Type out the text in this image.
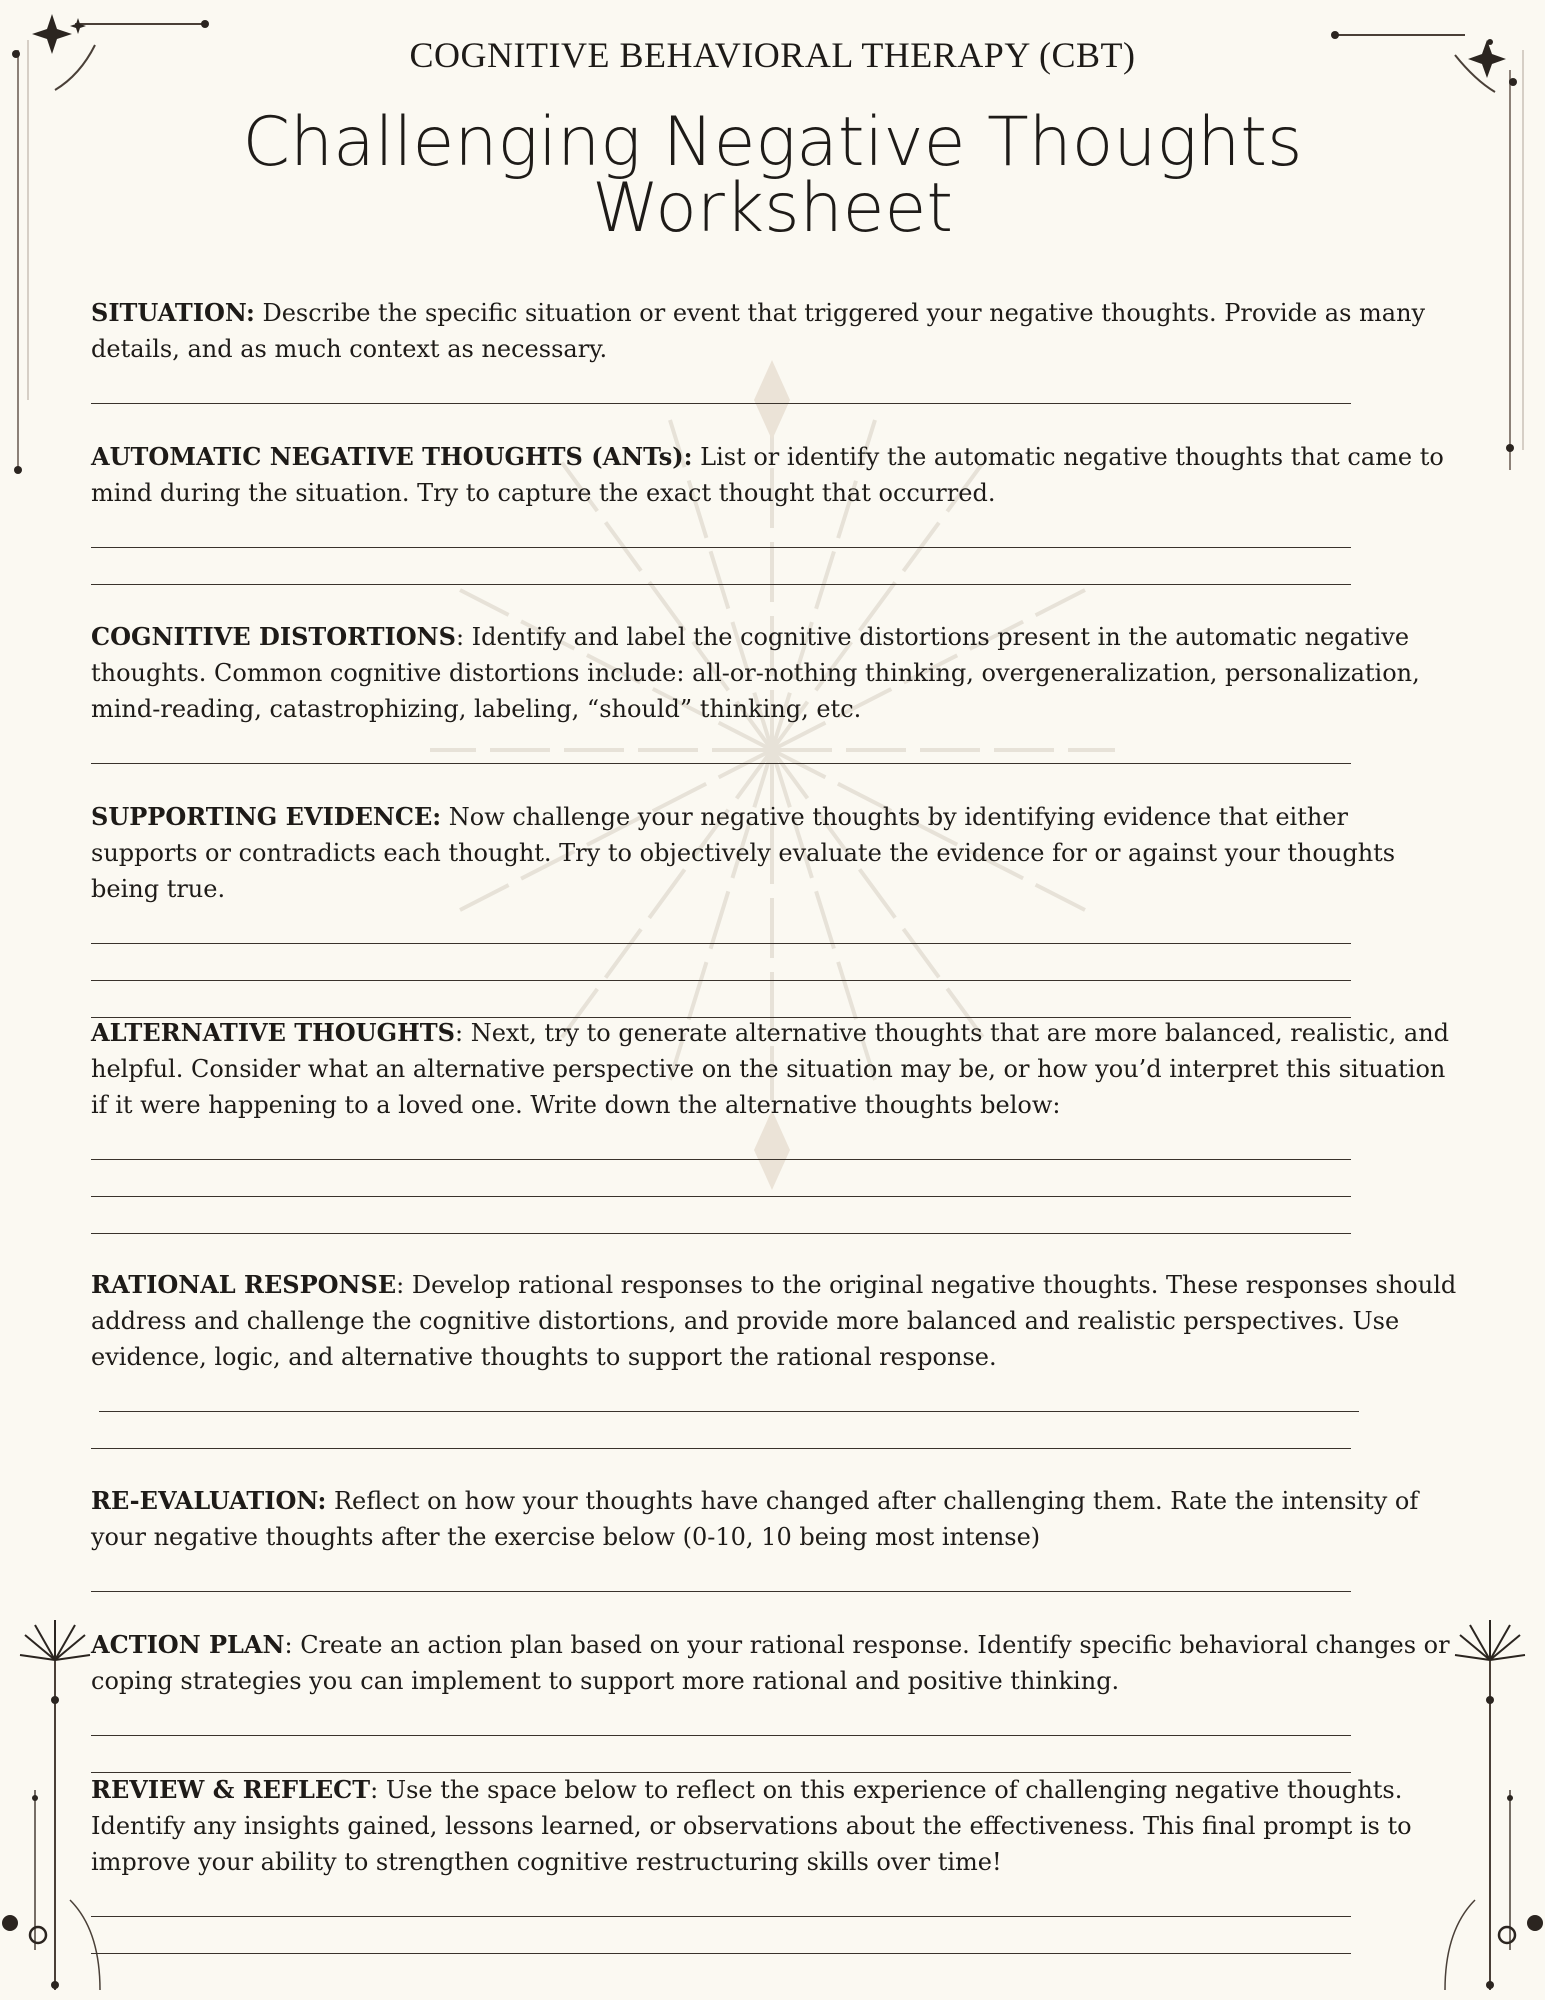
COGNITIVE BEHAVIORAL THERAPY (CBT)
Challenging Negative Thoughts
Worksheet
SITUATION: Describe the specific situation or event that triggered your negative thoughts. Provide as many details, and as much context as necessary.
AUTOMATIC NEGATIVE THOUGHTS (ANTs): List or identify the automatic negative thoughts that came to mind during the situation. Try to capture the exact thought that occurred.
COGNITIVE DISTORTIONS: Identify and label the cognitive distortions present in the automatic negative thoughts. Common cognitive distortions include: all-or-nothing thinking, overgeneralization, personalization, mind-reading, catastrophizing, labeling, “should” thinking, etc.
SUPPORTING EVIDENCE: Now challenge your negative thoughts by identifying evidence that either supports or contradicts each thought. Try to objectively evaluate the evidence for or against your thoughts being true.
ALTERNATIVE THOUGHTS: Next, try to generate alternative thoughts that are more balanced, realistic, and helpful. Consider what an alternative perspective on the situation may be, or how you’d interpret this situation if it were happening to a loved one. Write down the alternative thoughts below:
RATIONAL RESPONSE: Develop rational responses to the original negative thoughts. These responses should address and challenge the cognitive distortions, and provide more balanced and realistic perspectives. Use evidence, logic, and alternative thoughts to support the rational response.
RE-EVALUATION: Reflect on how your thoughts have changed after challenging them. Rate the intensity of your negative thoughts after the exercise below (0-10, 10 being most intense)
ACTION PLAN: Create an action plan based on your rational response. Identify specific behavioral changes or coping strategies you can implement to support more rational and positive thinking.
REVIEW & REFLECT: Use the space below to reflect on this experience of challenging negative thoughts. Identify any insights gained, lessons learned, or observations about the effectiveness. This final prompt is to improve your ability to strengthen cognitive restructuring skills over time!
